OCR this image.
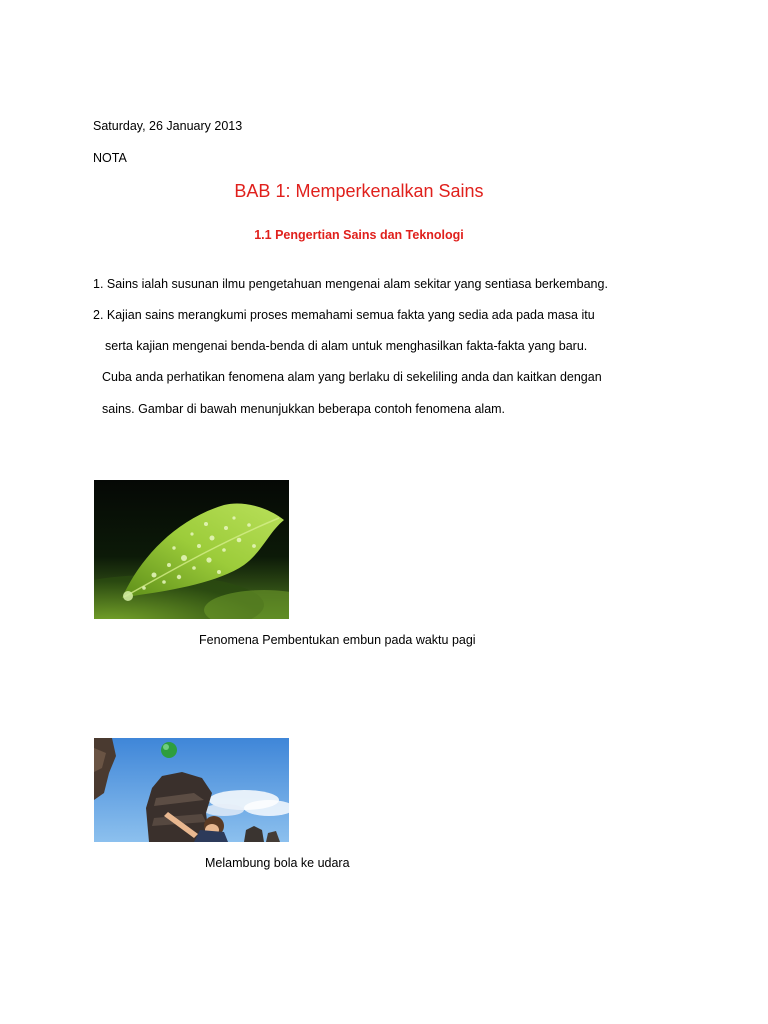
Saturday, 26 January 2013
NOTA
BAB 1: Memperkenalkan Sains
1.1 Pengertian Sains dan Teknologi
1. Sains ialah susunan ilmu pengetahuan mengenai alam sekitar yang sentiasa berkembang.
2. Kajian sains merangkumi proses memahami semua fakta yang sedia ada pada masa itu
serta kajian mengenai benda-benda di alam untuk menghasilkan fakta-fakta yang baru.
Cuba anda perhatikan fenomena alam yang berlaku di sekeliling anda dan kaitkan dengan
sains. Gambar di bawah menunjukkan beberapa contoh fenomena alam.
Fenomena Pembentukan embun pada waktu pagi
Melambung bola ke udara
